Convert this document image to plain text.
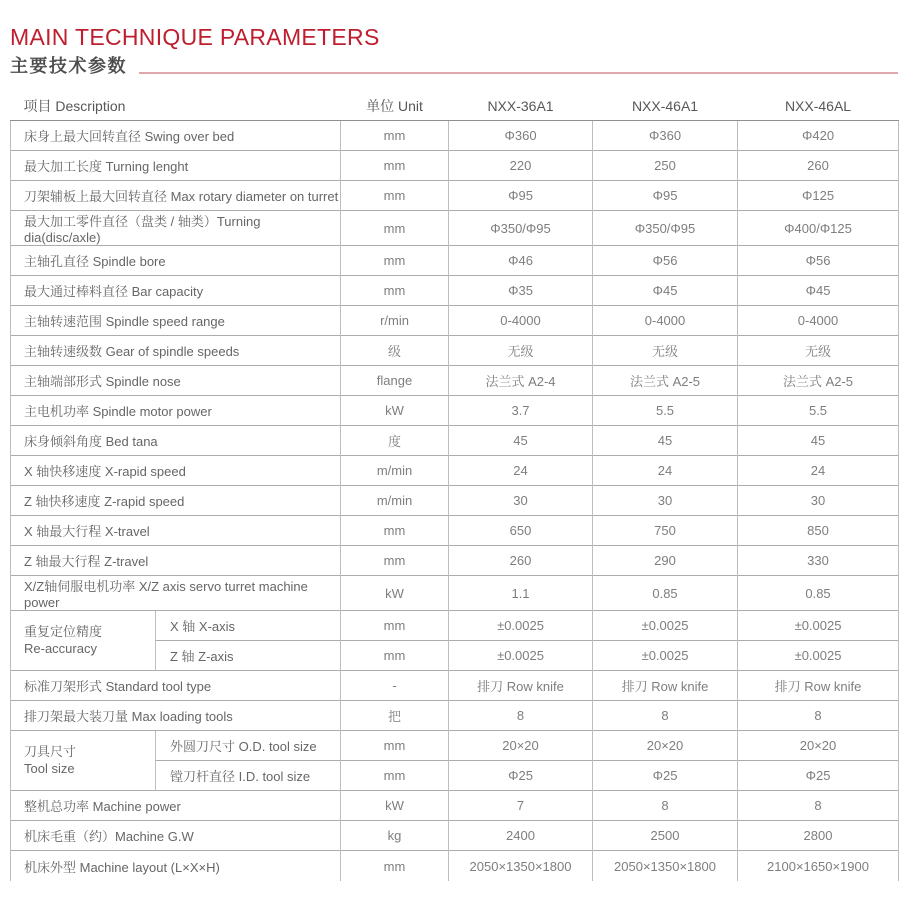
MAIN TECHNIQUE PARAMETERS
主要技术参数
项目 Description		单位 Unit	NXX-36A1	NXX-46A1	NXX-46AL
床身上最大回转直径 Swing over bed		mm	Φ360	Φ360	Φ420
最大加工长度 Turning lenght		mm	220	250	260
刀架辅板上最大回转直径 Max rotary diameter on turret		mm	Φ95	Φ95	Φ125
最大加工零件直径（盘类 / 轴类）Turning dia(disc/axle)		mm	Φ350/Φ95	Φ350/Φ95	Φ400/Φ125
主轴孔直径 Spindle bore		mm	Φ46	Φ56	Φ56
最大通过棒料直径 Bar capacity		mm	Φ35	Φ45	Φ45
主轴转速范围 Spindle speed range		r/min	0-4000	0-4000	0-4000
主轴转速级数 Gear of spindle speeds		级	无级	无级	无级
主轴端部形式 Spindle nose		flange	法兰式 A2-4	法兰式 A2-5	法兰式 A2-5
主电机功率 Spindle motor power		kW	3.7	5.5	5.5
床身倾斜角度 Bed tana		度	45	45	45
X 轴快移速度 X-rapid speed		m/min	24	24	24
Z 轴快移速度 Z-rapid speed		m/min	30	30	30
X 轴最大行程 X-travel		mm	650	750	850
Z 轴最大行程 Z-travel		mm	260	290	330
X/Z轴伺服电机功率 X/Z axis servo turret machine power		kW	1.1	0.85	0.85

重复定位精度
Re-accuracy	X 轴 X-axis	mm	±0.0025	±0.0025	±0.0025
	Z 轴 Z-axis	mm	±0.0025	±0.0025	±0.0025
标准刀架形式 Standard tool type		-	排刀 Row knife	排刀 Row knife	排刀 Row knife
排刀架最大装刀量 Max loading tools		把	8	8	8

刀具尺寸
Tool size	外圆刀尺寸 O.D. tool size	mm	20×20	20×20	20×20
	镗刀杆直径 I.D. tool size	mm	Φ25	Φ25	Φ25
整机总功率 Machine power		kW	7	8	8
机床毛重（约）Machine G.W		kg	2400	2500	2800
机床外型 Machine layout (L×X×H)		mm	2050×1350×1800	2050×1350×1800	2100×1650×1900
